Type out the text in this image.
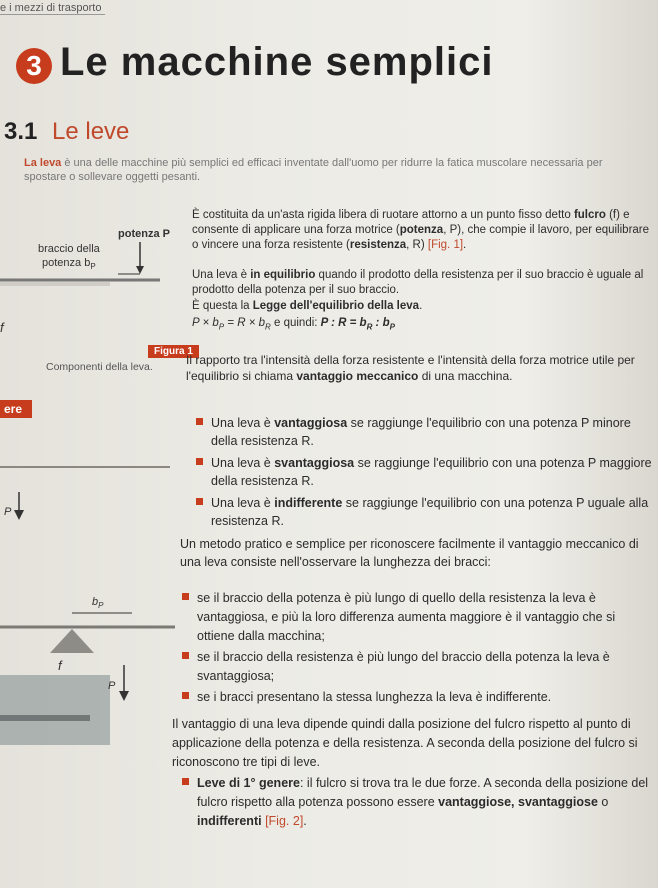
e i mezzi di trasporto
3 Le macchine semplici
3.1 Le leve
La leva è una delle macchine più semplici ed efficaci inventate dall'uomo per ridurre la fatica muscolare necessaria per spostare o sollevare oggetti pesanti.
potenza P
braccio della
potenza $b_P$
f
Figura 1
Componenti della leva.
È costituita da un'asta rigida libera di ruotare attorno a un punto fisso detto fulcro (f) e consente di applicare una forza motrice (potenza, P), che compie il lavoro, per equilibrare o vincere una forza resistente (resistenza, R) [Fig. 1].
Una leva è in equilibrio quando il prodotto della resistenza per il suo braccio è uguale al prodotto della potenza per il suo braccio.
È questa la Legge dell'equilibrio della leva.
$P \times b_P = R \times b_R$ e quindi: P : $R = b_R$ : $b_P$
Il rapporto tra l'intensità della forza resistente e l'intensità della forza motrice utile per l'equilibrio si chiama vantaggio meccanico di una macchina.
ere
Una leva è vantaggiosa se raggiunge l'equilibrio con una potenza P minore della resistenza R.
Una leva è svantaggiosa se raggiunge l'equilibrio con una potenza P maggiore della resistenza R.
Una leva è indifferente se raggiunge l'equilibrio con una potenza P uguale alla resistenza R.
P
Un metodo pratico e semplice per riconoscere facilmente il vantaggio meccanico di una leva consiste nell'osservare la lunghezza dei bracci:
se il braccio della potenza è più lungo di quello della resistenza la leva è vantaggiosa, e più la loro differenza aumenta maggiore è il vantaggio che si ottiene dalla macchina;
se il braccio della resistenza è più lungo del braccio della potenza la leva è svantaggiosa;
se i bracci presentano la stessa lunghezza la leva è indifferente.
$b_P$
f
P
Il vantaggio di una leva dipende quindi dalla posizione del fulcro rispetto al punto di applicazione della potenza e della resistenza. A seconda della posizione del fulcro si riconoscono tre tipi di leve.
Leve di 1° genere: il fulcro si trova tra le due forze. A seconda della posizione del fulcro rispetto alla potenza possono essere vantaggiose, svantaggiose o indifferenti [Fig. 2].
